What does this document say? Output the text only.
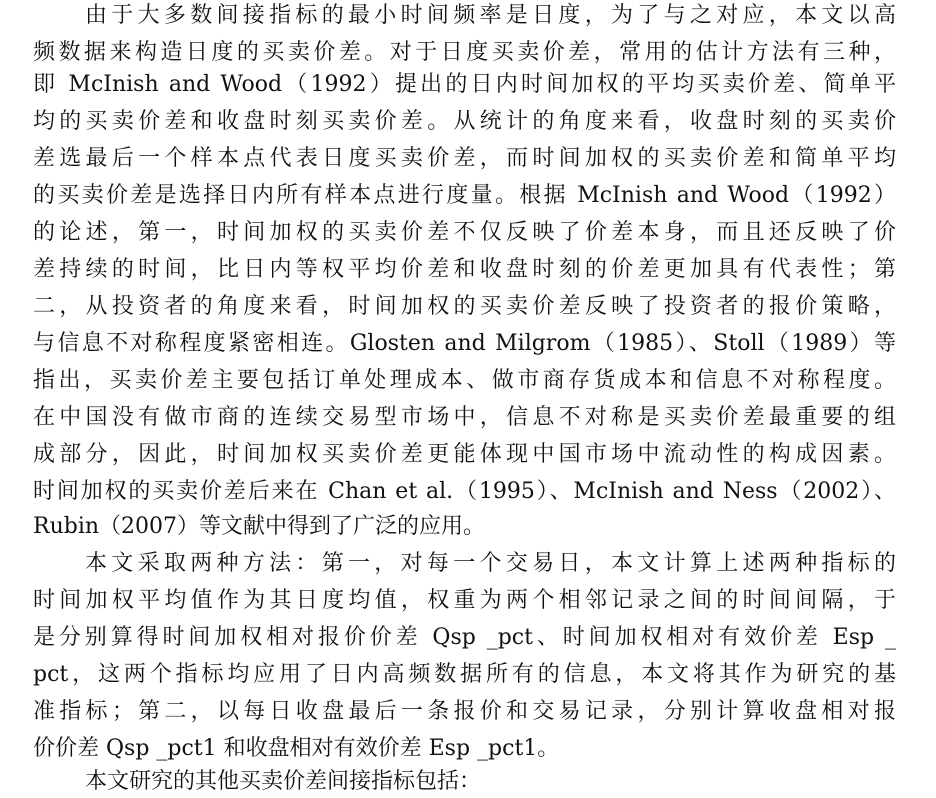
由于大多数间接指标的最小时间频率是日度，为了与之对应，本文以高
频数据来构造日度的买卖价差。对于日度买卖价差，常用的估计方法有三种，
即 McInish and Wood（1992）提出的日内时间加权的平均买卖价差、简单平
均的买卖价差和收盘时刻买卖价差。从统计的角度来看，收盘时刻的买卖价
差选最后一个样本点代表日度买卖价差，而时间加权的买卖价差和简单平均
的买卖价差是选择日内所有样本点进行度量。根据 McInish and Wood（1992）
的论述，第一，时间加权的买卖价差不仅反映了价差本身，而且还反映了价
差持续的时间，比日内等权平均价差和收盘时刻的价差更加具有代表性；第
二，从投资者的角度来看，时间加权的买卖价差反映了投资者的报价策略，
与信息不对称程度紧密相连。Glosten and Milgrom（1985）、Stoll（1989）等
指出，买卖价差主要包括订单处理成本、做市商存货成本和信息不对称程度。
在中国没有做市商的连续交易型市场中，信息不对称是买卖价差最重要的组
成部分，因此，时间加权买卖价差更能体现中国市场中流动性的构成因素。
时间加权的买卖价差后来在 Chan et al.（1995）、McInish and Ness（2002）、
Rubin（2007）等文献中得到了广泛的应用。
本文采取两种方法：第一，对每一个交易日，本文计算上述两种指标的
时间加权平均值作为其日度均值，权重为两个相邻记录之间的时间间隔，于
是分别算得时间加权相对报价价差 Qsp _pct、时间加权相对有效价差 Esp _
pct，这两个指标均应用了日内高频数据所有的信息，本文将其作为研究的基
准指标；第二，以每日收盘最后一条报价和交易记录，分别计算收盘相对报
价价差 Qsp _pct1 和收盘相对有效价差 Esp _pct1。
本文研究的其他买卖价差间接指标包括：
